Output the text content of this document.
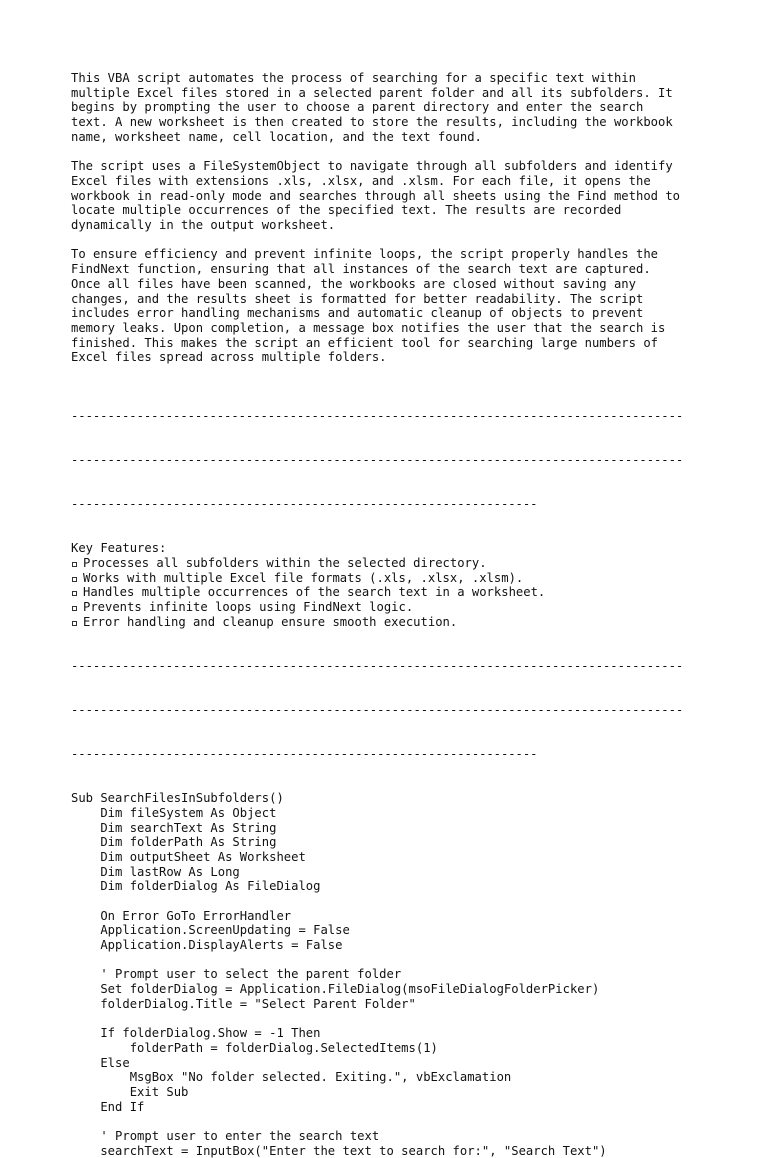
This VBA script automates the process of searching for a specific text within
multiple Excel files stored in a selected parent folder and all its subfolders. It
begins by prompting the user to choose a parent directory and enter the search
text. A new worksheet is then created to store the results, including the workbook
name, worksheet name, cell location, and the text found.

The script uses a FileSystemObject to navigate through all subfolders and identify
Excel files with extensions .xls, .xlsx, and .xlsm. For each file, it opens the
workbook in read-only mode and searches through all sheets using the Find method to
locate multiple occurrences of the specified text. The results are recorded
dynamically in the output worksheet.

To ensure efficiency and prevent infinite loops, the script properly handles the
FindNext function, ensuring that all instances of the search text are captured.
Once all files have been scanned, the workbooks are closed without saving any
changes, and the results sheet is formatted for better readability. The script
includes error handling mechanisms and automatic cleanup of objects to prevent
memory leaks. Upon completion, a message box notifies the user that the search is
finished. This makes the script an efficient tool for searching large numbers of
Excel files spread across multiple folders.

------------------------------------------------------------------------------------

------------------------------------------------------------------------------------

----------------------------------------------------------------

Key Features:
Processes all subfolders within the selected directory.
Works with multiple Excel file formats (.xls, .xlsx, .xlsm).
Handles multiple occurrences of the search text in a worksheet.
Prevents infinite loops using FindNext logic.
Error handling and cleanup ensure smooth execution.

------------------------------------------------------------------------------------

------------------------------------------------------------------------------------

----------------------------------------------------------------

Sub SearchFilesInSubfolders()
Dim fileSystem As Object
Dim searchText As String
Dim folderPath As String
Dim outputSheet As Worksheet
Dim lastRow As Long
Dim folderDialog As FileDialog
On Error GoTo ErrorHandler
Application.ScreenUpdating = False
Application.DisplayAlerts = False
' Prompt user to select the parent folder
Set folderDialog = Application.FileDialog(msoFileDialogFolderPicker)
folderDialog.Title = "Select Parent Folder"
If folderDialog.Show = -1 Then
folderPath = folderDialog.SelectedItems(1)
Else
MsgBox "No folder selected. Exiting.", vbExclamation
Exit Sub
End If
' Prompt user to enter the search text
searchText = InputBox("Enter the text to search for:", "Search Text")
